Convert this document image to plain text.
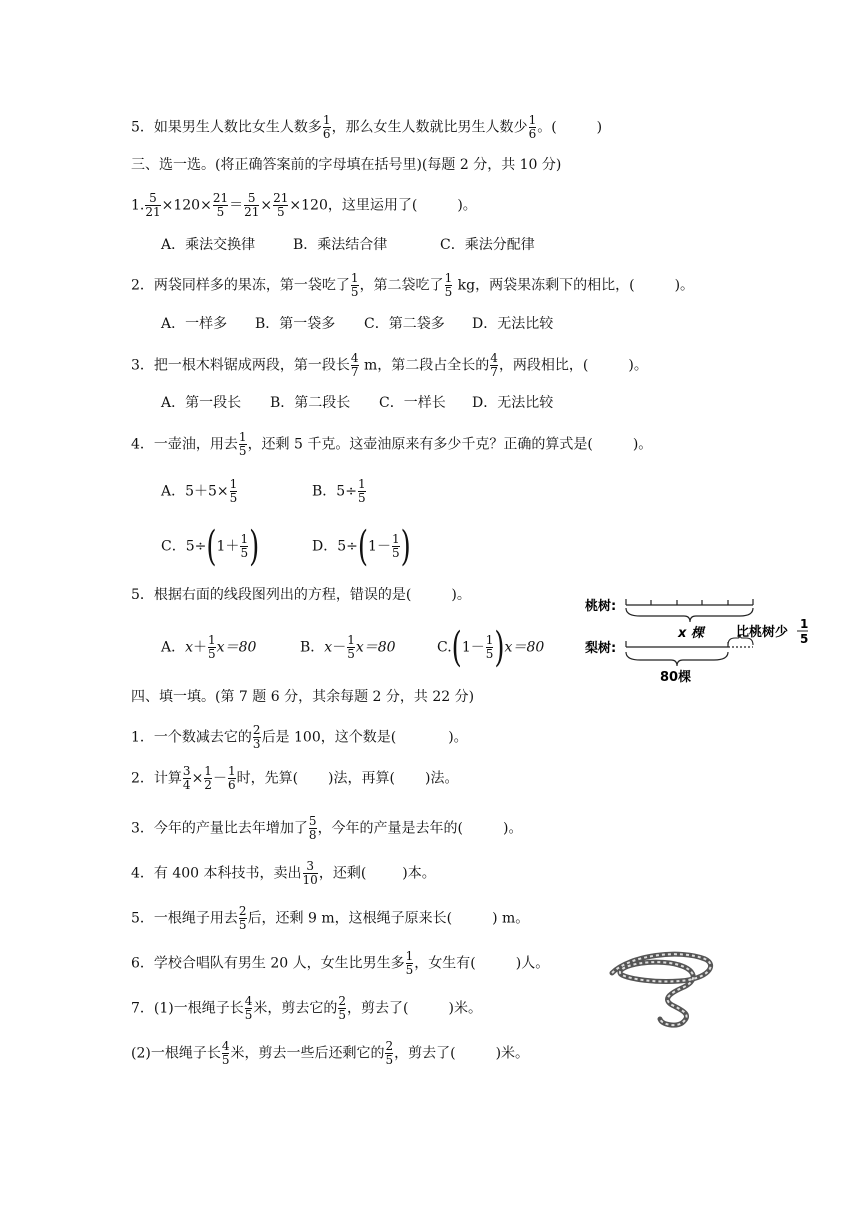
5．如果男生人数比女生人数多 $\frac{1}{6}$ ，那么女生人数就比男生人数少 $\frac{1}{6}$ 。(	)
三、选一选。(将正确答案前的字母填在括号里)(每题 2 分，共 10 分)
1. $\frac{5}{21} \times 120\times \frac{21}{5} = \frac{5}{21} \times \frac{21}{5} \times 120$，这里运用了(	)。
A．乘法交换律	B．乘法结合律	C．乘法分配律
2．两袋同样多的果冻，第一袋吃了 $\frac{1}{5}$ ，第二袋吃了 $\frac{1}{5}$ kg，两袋果冻剩下的相比，(	)。
A．一样多 B．第一袋多 C．第二袋多 D．无法比较
3．把一根木料锯成两段，第一段长 $\frac{4}{7}$ m，第二段占全长的 $\frac{4}{7}$ ，两段相比，(	)。
A．第一段长 B．第二段长 C．一样长 D．无法比较
4．一壶油，用去 $\frac{1}{5}$ ，还剩 5 千克。这壶油原来有多少千克？正确的算式是(	)。
A．$5+5\times \frac{1}{5}$	B．$5\div \frac{1}{5}$
C．$5\div(1+ \frac{1}{5}$ )	D．$5\div(1- \frac{1}{5}$ )
5．根据右面的线段图列出的方程，错误的是(	)。
A．$x+ \frac{1}{5} x=80$	B．$x- \frac{1}{5} x=80$	$C.(1- \frac{1}{5} )x=80$
桃树:
x 棵
梨树:
比桃树少
1
5
80棵
四、填一填。(第 7 题 6 分，其余每题 2 分，共 22 分)
1．一个数减去它的 $\frac{2}{3}$ 后是 100，这个数是(	)。
2．计算 $\frac{3}{4} \times \frac{1}{2} - \frac{1}{6}$ 时，先算( )法，再算( )法。
3．今年的产量比去年增加了 $\frac{5}{8}$ ，今年的产量是去年的(	)。
4．有 400 本科技书，卖出 $\frac{3}{10}$ ，还剩(	)本。
5．一根绳子用去 $\frac{2}{5}$ 后，还剩 9 m，这根绳子原来长(	) m。
6．学校合唱队有男生 20 人，女生比男生多 $\frac{1}{5}$ ，女生有(	)人。
7．(1)一根绳子长 $\frac{4}{5}$ 米，剪去它的 $\frac{2}{5}$ ，剪去了(	)米。
(2)一根绳子长 $\frac{4}{5}$ 米，剪去一些后还剩它的 $\frac{2}{5}$ ，剪去了(	)米。
